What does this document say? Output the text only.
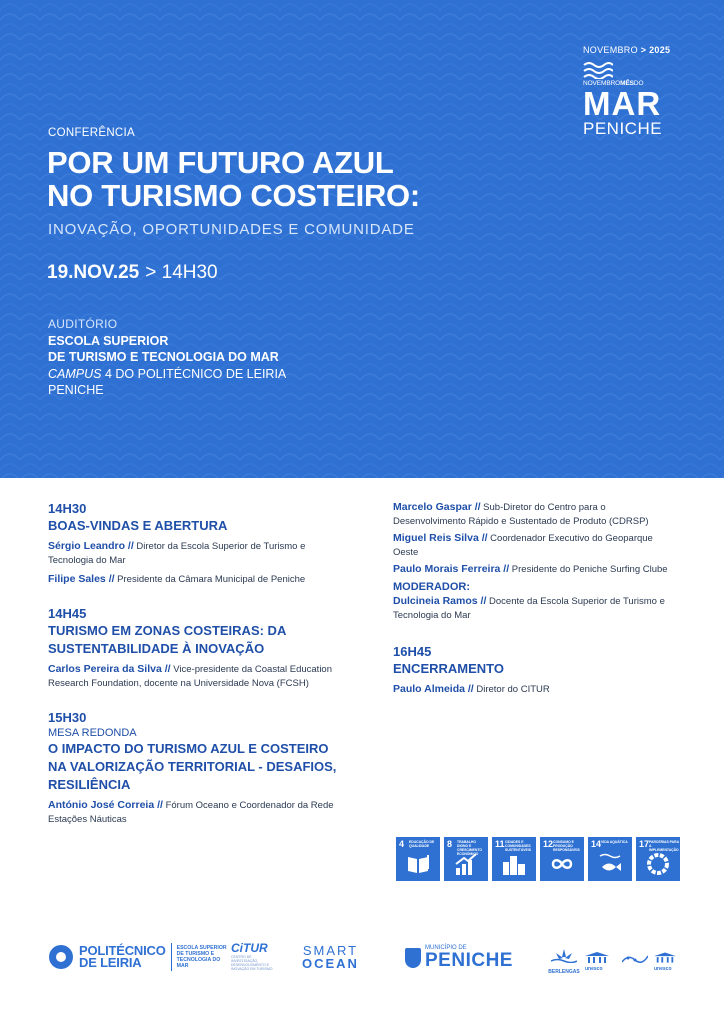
NOVEMBRO > 2025
NOVEMBROMÊSDO
MAR
PENICHE
CONFERÊNCIA
POR UM FUTURO AZUL
NO TURISMO COSTEIRO:
INOVAÇÃO, OPORTUNIDADES E COMUNIDADE
19.NOV.25 > 14H30
AUDITÓRIO
ESCOLA SUPERIOR
DE TURISMO E TECNOLOGIA DO MAR
CAMPUS 4 DO POLITÉCNICO DE LEIRIA
PENICHE
14H30
BOAS-VINDAS E ABERTURA
Sérgio Leandro // Diretor da Escola Superior de Turismo e Tecnologia do Mar
Filipe Sales // Presidente da Câmara Municipal de Peniche
14H45
TURISMO EM ZONAS COSTEIRAS: DA SUSTENTABILIDADE À INOVAÇÃO
Carlos Pereira da Silva // Vice-presidente da Coastal Education Research Foundation, docente na Universidade Nova (FCSH)
15H30
MESA REDONDA
O IMPACTO DO TURISMO AZUL E COSTEIRO NA VALORIZAÇÃO TERRITORIAL - DESAFIOS, RESILIÊNCIA
António José Correia // Fórum Oceano e Coordenador da Rede Estações Náuticas
Marcelo Gaspar // Sub-Diretor do Centro para o Desenvolvimento Rápido e Sustentado de Produto (CDRSP)
Miguel Reis Silva // Coordenador Executivo do Geoparque Oeste
Paulo Morais Ferreira // Presidente do Peniche Surfing Clube
MODERADOR:
Dulcineia Ramos // Docente da Escola Superior de Turismo e Tecnologia do Mar
16H45
ENCERRAMENTO
Paulo Almeida // Diretor do CITUR
4 EDUCAÇÃO DE QUALIDADE	8 TRABALHO DIGNO E CRESCIMENTO ECONÓMICO
11 CIDADES E COMUNIDADES SUSTENTÁVEIS
12 CONSUMO E PRODUÇÃO RESPONSÁVEIS
14 VIDA AQUÁTICA	17 PARCERIAS PARA A IMPLEMENTAÇÃO
POLITÉCNICO
DE LEIRIA
ESCOLA SUPERIOR DE TURISMO E TECNOLOGIA DO MAR
CiTUR
CENTRO DE INVESTIGAÇÃO, DESENVOLVIMENTO E INOVAÇÃO EM TURISMO
SMART
OCEAN
MUNICÍPIO DE
PENICHE
BERLENGAS unesco	unesco
